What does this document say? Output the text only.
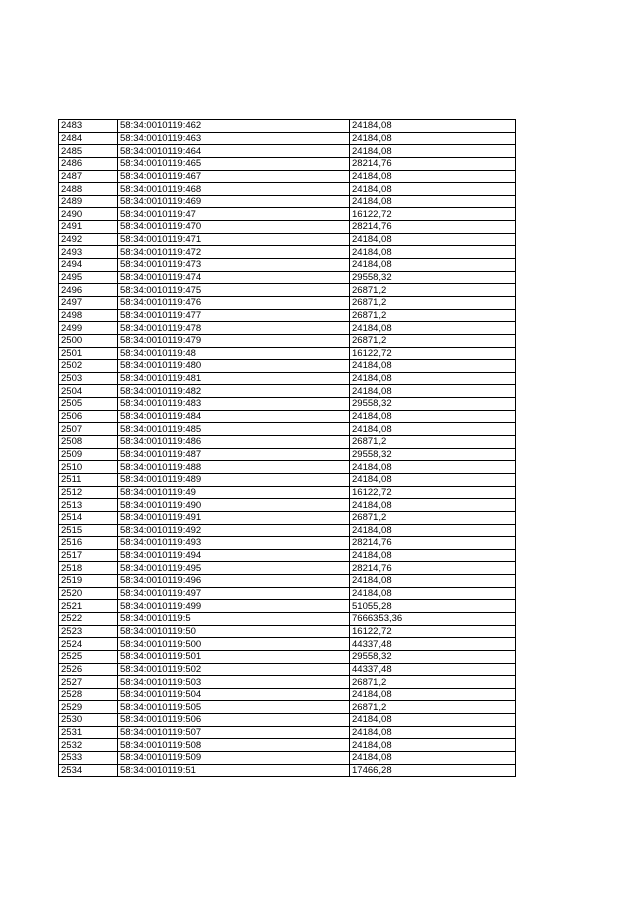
2483	58:34:0010119:462	24184,08
2484	58:34:0010119:463	24184,08
2485	58:34:0010119:464	24184,08
2486	58:34:0010119:465	28214,76
2487	58:34:0010119:467	24184,08
2488	58:34:0010119:468	24184,08
2489	58:34:0010119:469	24184,08
2490	58:34:0010119:47	16122,72
2491	58:34:0010119:470	28214,76
2492	58:34:0010119:471	24184,08
2493	58:34:0010119:472	24184,08
2494	58:34:0010119:473	24184,08
2495	58:34:0010119:474	29558,32
2496	58:34:0010119:475	26871,2
2497	58:34:0010119:476	26871,2
2498	58:34:0010119:477	26871,2
2499	58:34:0010119:478	24184,08
2500	58:34:0010119:479	26871,2
2501	58:34:0010119:48	16122,72
2502	58:34:0010119:480	24184,08
2503	58:34:0010119:481	24184,08
2504	58:34:0010119:482	24184,08
2505	58:34:0010119:483	29558,32
2506	58:34:0010119:484	24184,08
2507	58:34:0010119:485	24184,08
2508	58:34:0010119:486	26871,2
2509	58:34:0010119:487	29558,32
2510	58:34:0010119:488	24184,08
2511	58:34:0010119:489	24184,08
2512	58:34:0010119:49	16122,72
2513	58:34:0010119:490	24184,08
2514	58:34:0010119:491	26871,2
2515	58:34:0010119:492	24184,08
2516	58:34:0010119:493	28214,76
2517	58:34:0010119:494	24184,08
2518	58:34:0010119:495	28214,76
2519	58:34:0010119:496	24184,08
2520	58:34:0010119:497	24184,08
2521	58:34:0010119:499	51055,28
2522	58:34:0010119:5	7666353,36
2523	58:34:0010119:50	16122,72
2524	58:34:0010119:500	44337,48
2525	58:34:0010119:501	29558,32
2526	58:34:0010119:502	44337,48
2527	58:34:0010119:503	26871,2
2528	58:34:0010119:504	24184,08
2529	58:34:0010119:505	26871,2
2530	58:34:0010119:506	24184,08
2531	58:34:0010119:507	24184,08
2532	58:34:0010119:508	24184,08
2533	58:34:0010119:509	24184,08
2534	58:34:0010119:51	17466,28
